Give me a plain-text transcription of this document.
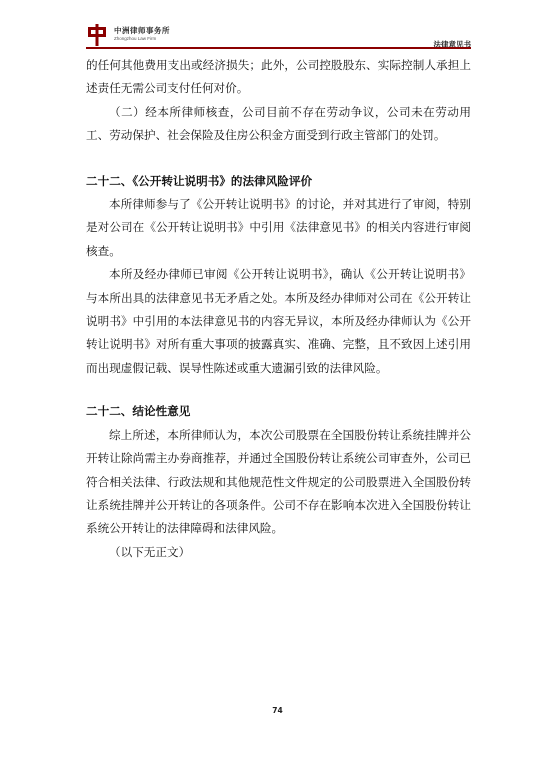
中洲律师事务所
Zhongzhou Law Firm
法律意见书

的任何其他费用支出或经济损失；此外，公司控股股东、实际控制人承担上述责任无需公司支付任何对价。

（二）经本所律师核查，公司目前不存在劳动争议，公司未在劳动用工、劳动保护、社会保险及住房公积金方面受到行政主管部门的处罚。

二十二、《公开转让说明书》的法律风险评价

本所律师参与了《公开转让说明书》的讨论，并对其进行了审阅，特别是对公司在《公开转让说明书》中引用《法律意见书》的相关内容进行审阅核查。

本所及经办律师已审阅《公开转让说明书》，确认《公开转让说明书》与本所出具的法律意见书无矛盾之处。本所及经办律师对公司在《公开转让说明书》中引用的本法律意见书的内容无异议，本所及经办律师认为《公开转让说明书》对所有重大事项的披露真实、准确、完整，且不致因上述引用而出现虚假记载、误导性陈述或重大遗漏引致的法律风险。

二十二、结论性意见

综上所述，本所律师认为，本次公司股票在全国股份转让系统挂牌并公开转让除尚需主办券商推荐，并通过全国股份转让系统公司审查外，公司已符合相关法律、行政法规和其他规范性文件规定的公司股票进入全国股份转让系统挂牌并公开转让的各项条件。公司不存在影响本次进入全国股份转让系统公开转让的法律障碍和法律风险。

（以下无正文）

74
